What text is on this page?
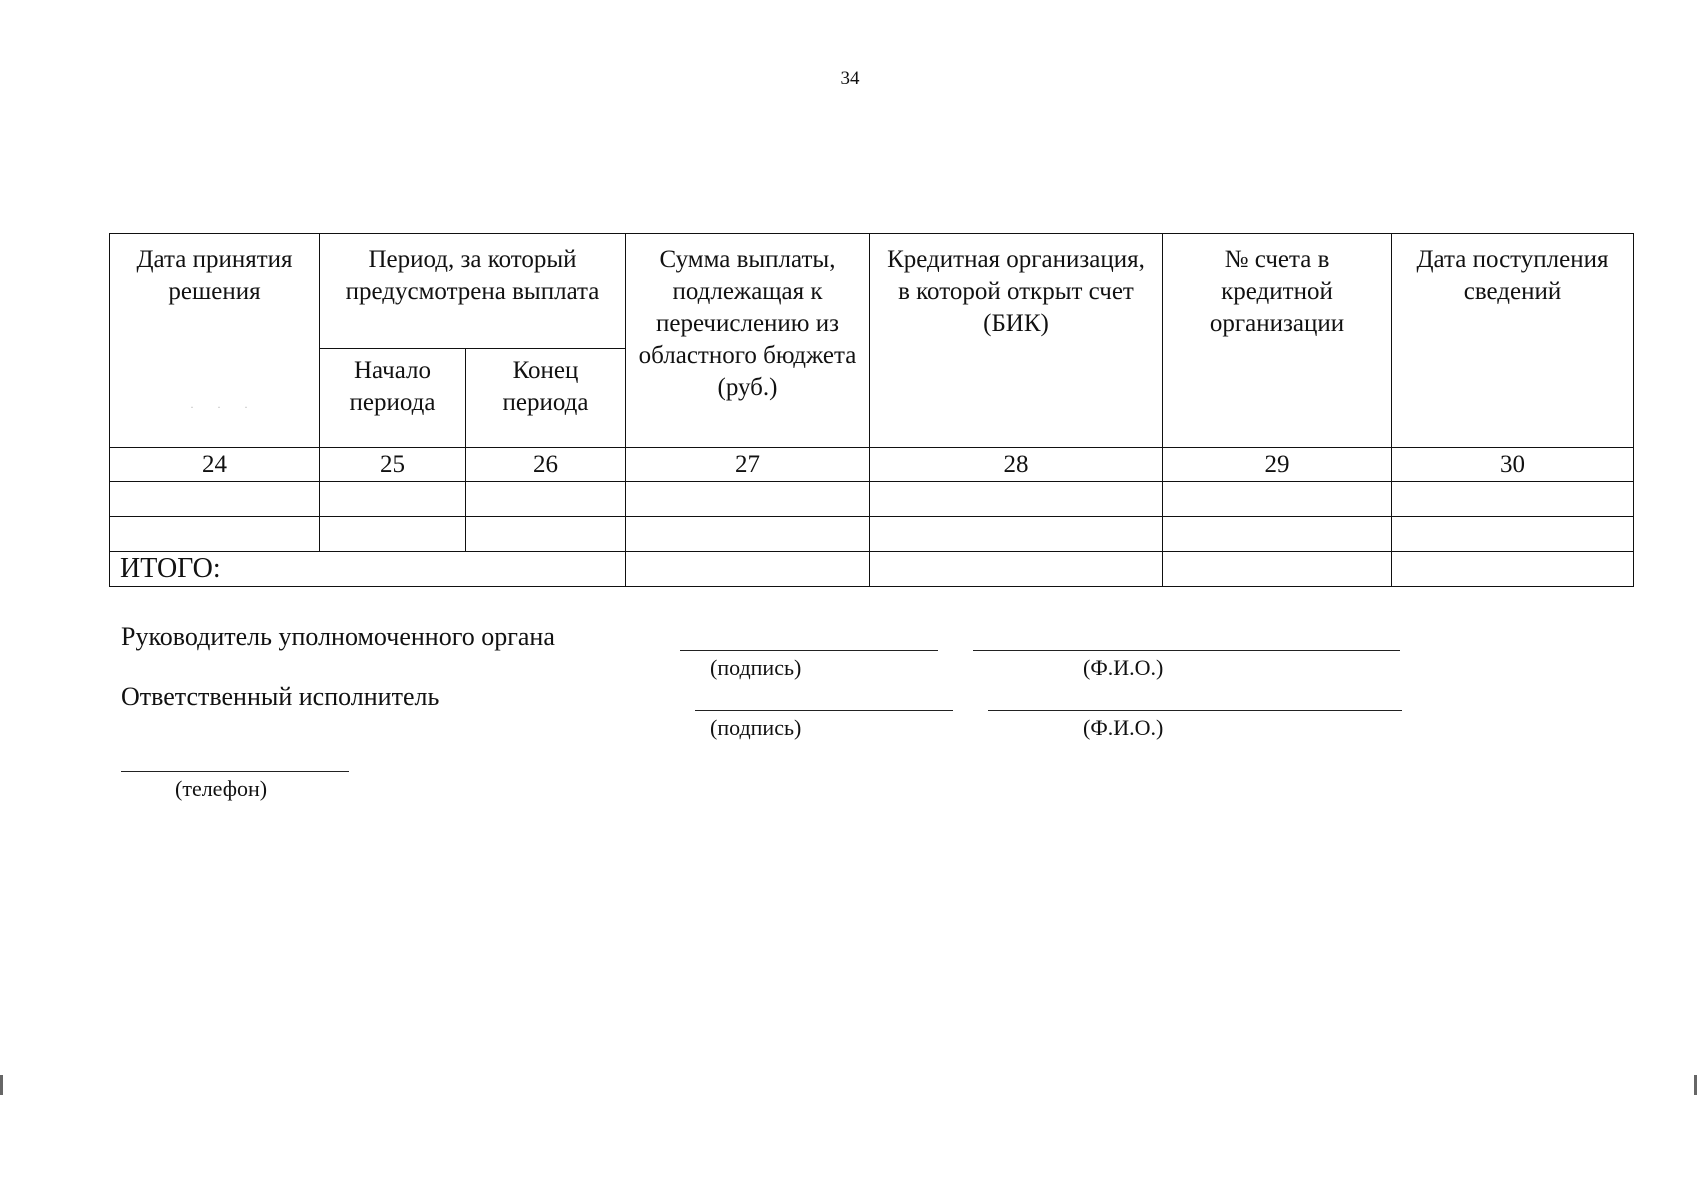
34
Дата принятия решения	Период, за который предусмотрена выплата		Сумма выплаты, подлежащая к перечислению из областного бюджета (руб.)	Кредитная организация, в которой открыт счет (БИК)	№ счета в кредитной организации	Дата поступления сведений
	Начало периода	Конец периода				
24	25	26	27	28	29	30

ИТОГО:						
· · ·
Руководитель уполномоченного органа
(подпись)	(Ф.И.О.)
Ответственный исполнитель
(подпись)	(Ф.И.О.)
(телефон)
